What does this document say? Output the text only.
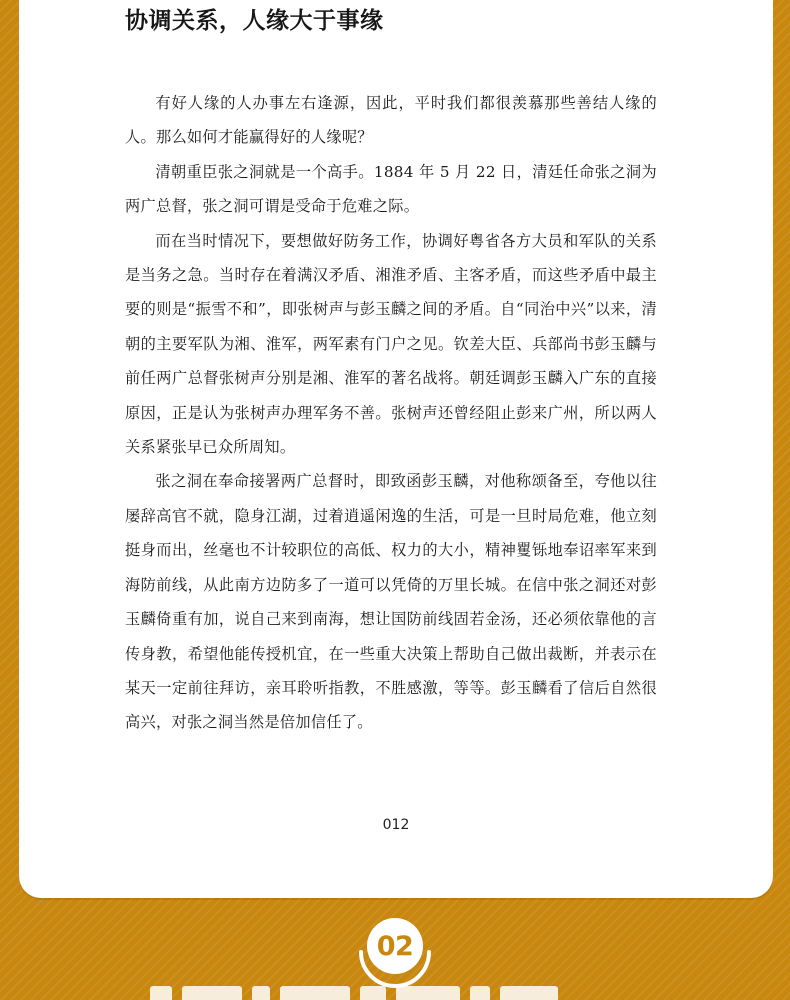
协调关系，人缘大于事缘

有好人缘的人办事左右逢源，因此，平时我们都很羡慕那些善结人缘的人。那么如何才能赢得好的人缘呢？

清朝重臣张之洞就是一个高手。1884 年 5 月 22 日，清廷任命张之洞为两广总督，张之洞可谓是受命于危难之际。

而在当时情况下，要想做好防务工作，协调好粤省各方大员和军队的关系是当务之急。当时存在着满汉矛盾、湘淮矛盾、主客矛盾，而这些矛盾中最主要的则是“振雪不和”，即张树声与彭玉麟之间的矛盾。自“同治中兴”以来，清朝的主要军队为湘、淮军，两军素有门户之见。钦差大臣、兵部尚书彭玉麟与前任两广总督张树声分别是湘、淮军的著名战将。朝廷调彭玉麟入广东的直接原因，正是认为张树声办理军务不善。张树声还曾经阻止彭来广州，所以两人关系紧张早已众所周知。

张之洞在奉命接署两广总督时，即致函彭玉麟，对他称颂备至，夸他以往屡辞高官不就，隐身江湖，过着逍遥闲逸的生活，可是一旦时局危难，他立刻挺身而出，丝毫也不计较职位的高低、权力的大小，精神矍铄地奉诏率军来到海防前线，从此南方边防多了一道可以凭倚的万里长城。在信中张之洞还对彭玉麟倚重有加，说自己来到南海，想让国防前线固若金汤，还必须依靠他的言传身教，希望他能传授机宜，在一些重大决策上帮助自己做出裁断，并表示在某天一定前往拜访，亲耳聆听指教，不胜感激，等等。彭玉麟看了信后自然很高兴，对张之洞当然是倍加信任了。

012
02
